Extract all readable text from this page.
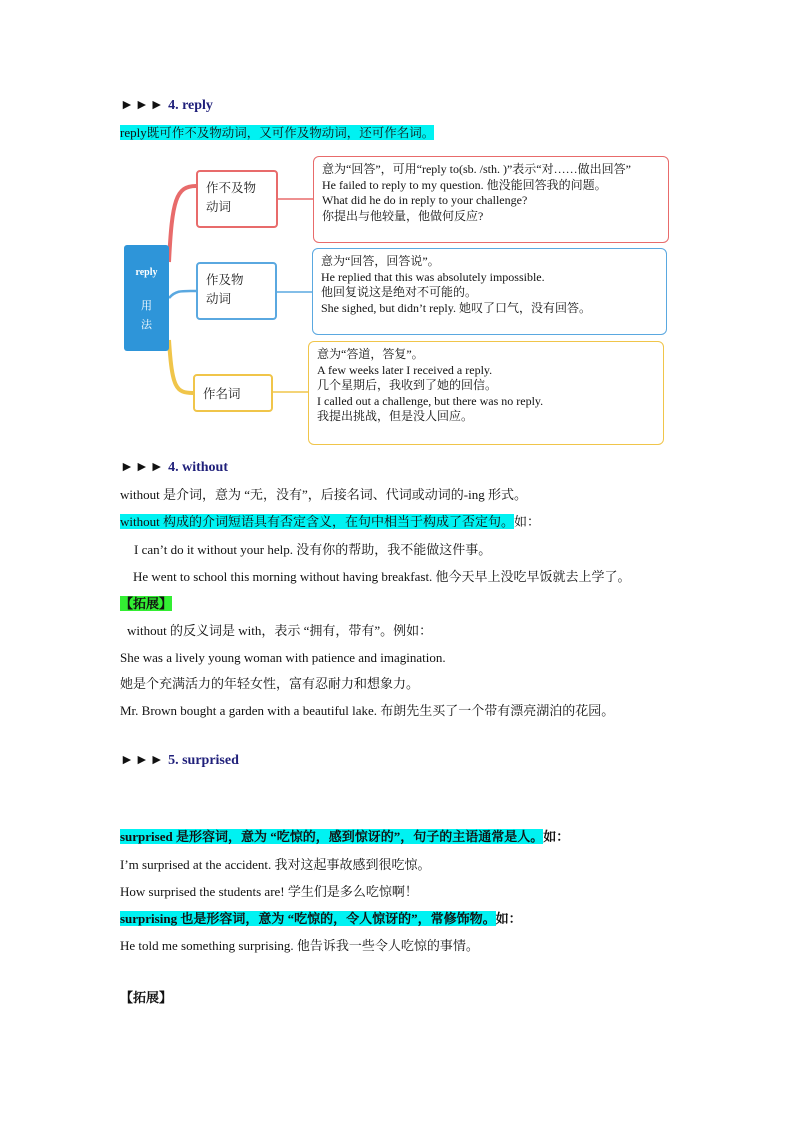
►►► 4. reply
reply既可作不及物动词，又可作及物动词，还可作名词。
reply
用
法
作不及物
动词
意为“回答”，可用“reply to(sb. /sth. )”表示“对……做出回答”
He failed to reply to my question. 他没能回答我的问题。
What did he do in reply to your challenge?
你提出与他较量，他做何反应?
作及物
动词
意为“回答，回答说”。
He replied that this was absolutely impossible.
他回复说这是绝对不可能的。
She sighed, but didn’t reply. 她叹了口气，没有回答。
作名词
意为“答道，答复”。
A few weeks later I received a reply.
几个星期后，我收到了她的回信。
I called out a challenge, but there was no reply.
我提出挑战，但是没人回应。
►►► 4. without
without 是介词，意为 “无，没有”，后接名词、代词或动词的-ing 形式。
without 构成的介词短语具有否定含义，在句中相当于构成了否定句。如：
I can’t do it without your help. 没有你的帮助，我不能做这件事。
He went to school this morning without having breakfast. 他今天早上没吃早饭就去上学了。
【拓展】
without 的反义词是 with，表示 “拥有，带有”。例如：
She was a lively young woman with patience and imagination.
她是个充满活力的年轻女性，富有忍耐力和想象力。
Mr. Brown bought a garden with a beautiful lake. 布朗先生买了一个带有漂亮湖泊的花园。
►►► 5. surprised
surprised 是形容词，意为 “吃惊的，感到惊讶的”，句子的主语通常是人。如：
I’m surprised at the accident. 我对这起事故感到很吃惊。
How surprised the students are! 学生们是多么吃惊啊！
surprising 也是形容词，意为 “吃惊的，令人惊讶的”，常修饰物。如：
He told me something surprising. 他告诉我一些令人吃惊的事情。
【拓展】
